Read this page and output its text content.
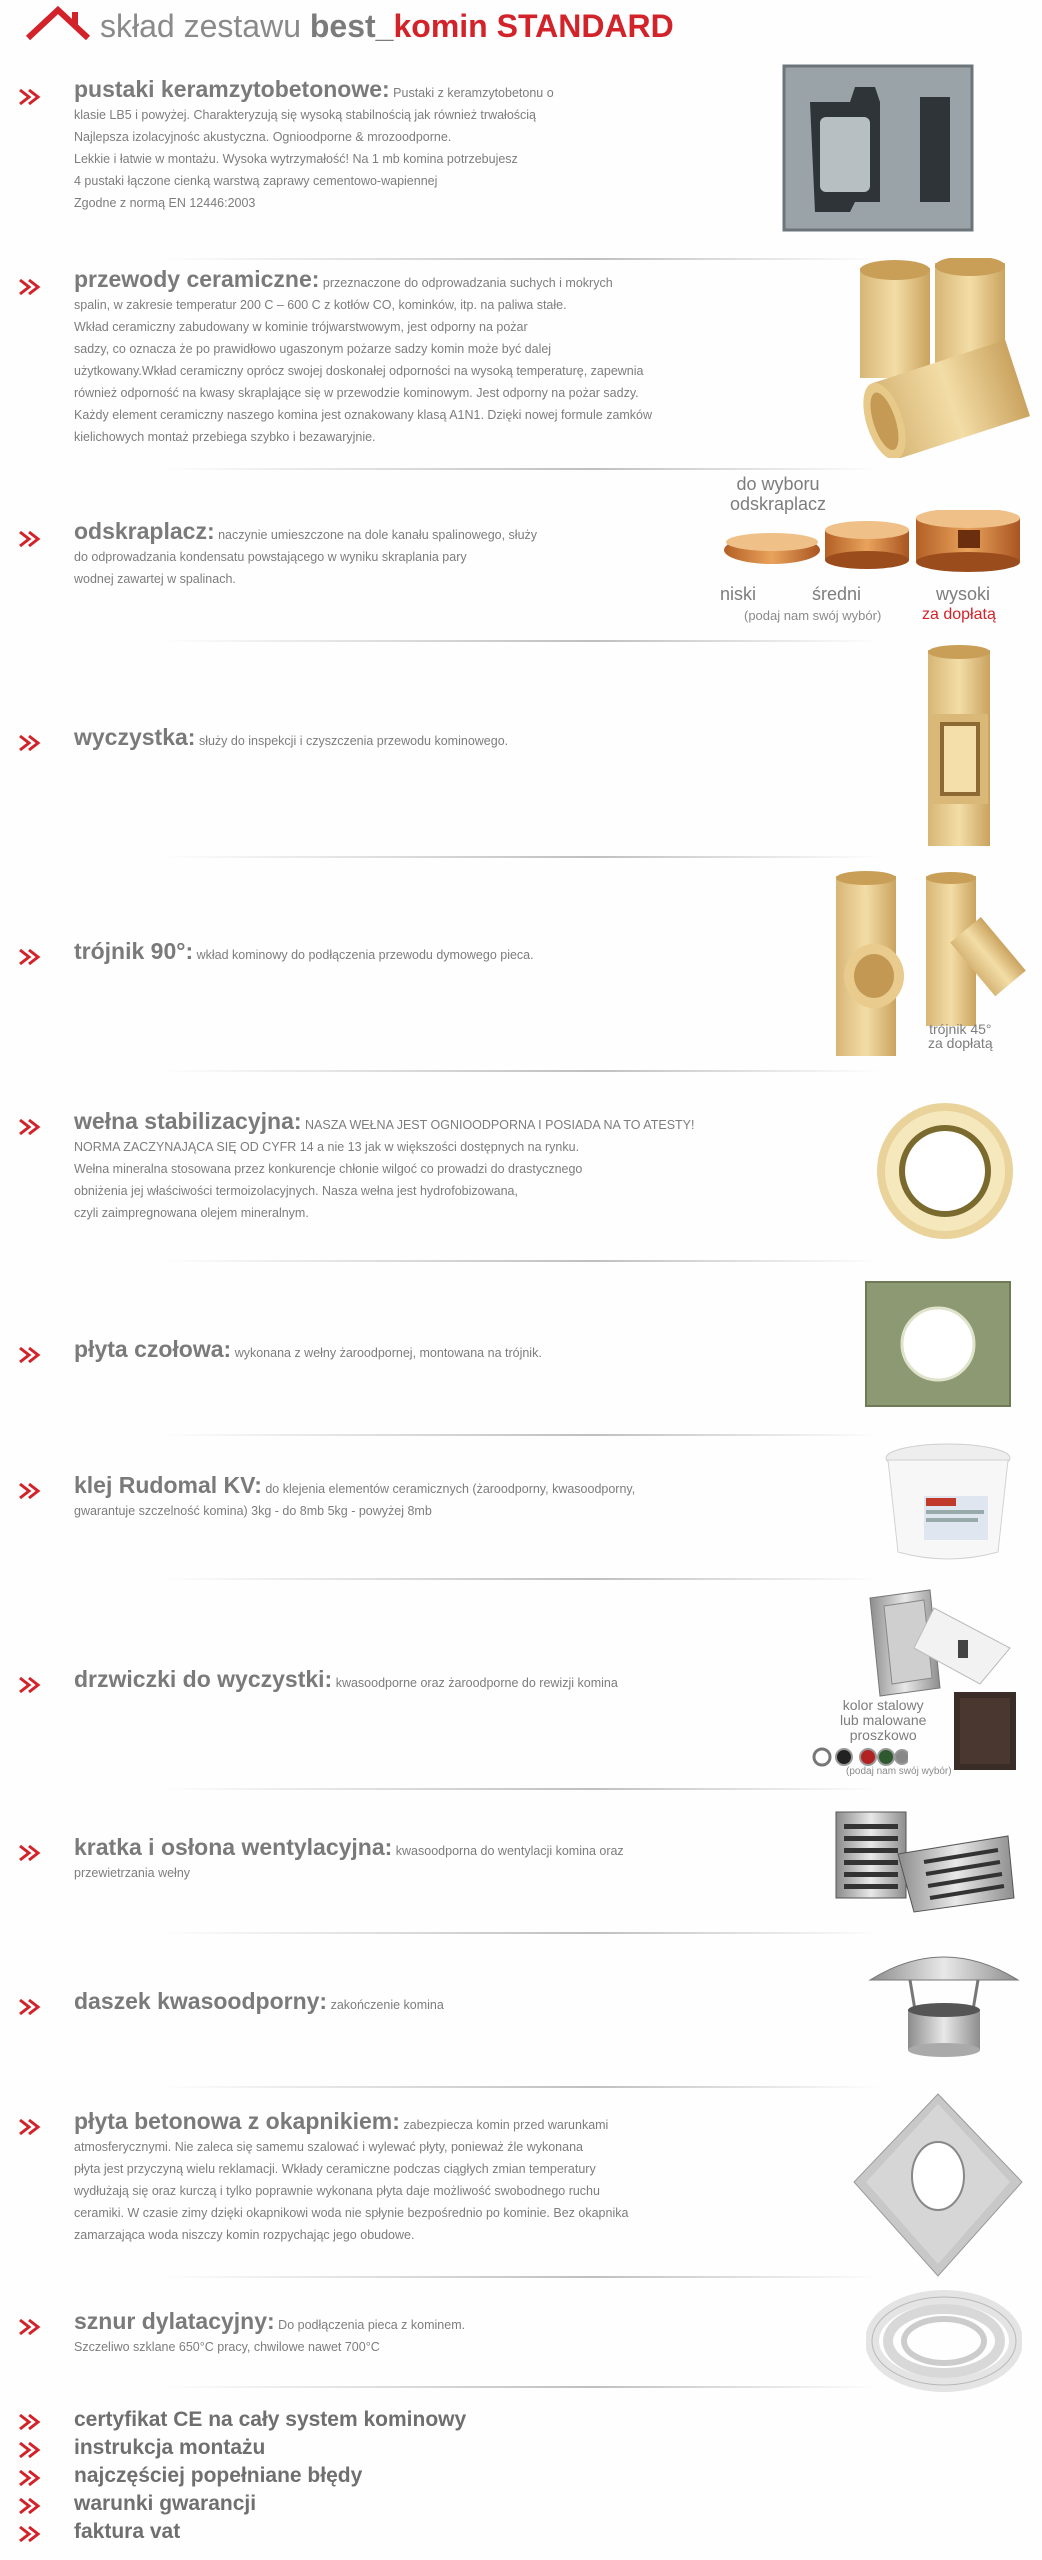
skład zestawu best_komin STANDARD
pustaki keramzytobetonowe: Pustaki z keramzytobetonu o
klasie LB5 i powyżej. Charakteryzują się wysoką stabilnością jak również trwałością
Najlepsza izolacyjnośc akustyczna. Ognioodporne & mrozoodporne.
Lekkie i łatwie w montażu. Wysoka wytrzymałość! Na 1 mb komina potrzebujesz
4 pustaki łączone cienką warstwą zaprawy cementowo-wapiennej
Zgodne z normą EN 12446:2003
przewody ceramiczne: przeznaczone do odprowadzania suchych i mokrych
spalin, w zakresie temperatur 200 C – 600 C z kotłów CO, kominków, itp. na paliwa stałe.
Wkład ceramiczny zabudowany w kominie trójwarstwowym, jest odporny na pożar
sadzy, co oznacza że po prawidłowo ugaszonym pożarze sadzy komin może być dalej
użytkowany.Wkład ceramiczny oprócz swojej doskonałej odporności na wysoką temperaturę, zapewnia
również odporność na kwasy skraplające się w przewodzie kominowym. Jest odporny na pożar sadzy.
Każdy element ceramiczny naszego komina jest oznakowany klasą A1N1. Dzięki nowej formule zamków
kielichowych montaż przebiega szybko i bezawaryjnie.
odskraplacz: naczynie umieszczone na dole kanału spalinowego, służy
do odprowadzania kondensatu powstającego w wyniku skraplania pary
wodnej zawartej w spalinach.
do wyboru
odskraplacz
niski	średni	wysoki
(podaj nam swój wybór)	za dopłatą
wyczystka: służy do inspekcji i czyszczenia przewodu kominowego.
trójnik 90°: wkład kominowy do podłączenia przewodu dymowego pieca.
trójnik 45°
za dopłatą
wełna stabilizacyjna: NASZA WEŁNA JEST OGNIOODPORNA I POSIADA NA TO ATESTY!
NORMA ZACZYNAJĄCA SIĘ OD CYFR 14 a nie 13 jak w większości dostępnych na rynku.
Wełna mineralna stosowana przez konkurencje chłonie wilgoć co prowadzi do drastycznego
obniżenia jej właściwości termoizolacyjnych. Nasza wełna jest hydrofobizowana,
czyli zaimpregnowana olejem mineralnym.
płyta czołowa: wykonana z wełny żaroodpornej, montowana na trójnik.
klej Rudomal KV: do klejenia elementów ceramicznych (żaroodporny, kwasoodporny,
gwarantuje szczelność komina) 3kg - do 8mb 5kg - powyżej 8mb
drzwiczki do wyczystki: kwasoodporne oraz żaroodporne do rewizji komina
kolor stalowy
lub malowane
proszkowo
(podaj nam swój wybór)
kratka i osłona wentylacyjna: kwasoodporna do wentylacji komina oraz
przewietrzania wełny
daszek kwasoodporny: zakończenie komina
płyta betonowa z okapnikiem: zabezpiecza komin przed warunkami
atmosferycznymi. Nie zaleca się samemu szalować i wylewać płyty, ponieważ źle wykonana
płyta jest przyczyną wielu reklamacji. Wkłady ceramiczne podczas ciągłych zmian temperatury
wydłużają się oraz kurczą i tylko poprawnie wykonana płyta daje możliwość swobodnego ruchu
ceramiki. W czasie zimy dzięki okapnikowi woda nie spłynie bezpośrednio po kominie. Bez okapnika
zamarzająca woda niszczy komin rozpychając jego obudowe.
sznur dylatacyjny: Do podłączenia pieca z kominem.
Szczeliwo szklane 650°C pracy, chwilowe nawet 700°C
certyfikat CE na cały system kominowy
instrukcja montażu
najczęściej popełniane błędy
warunki gwarancji
faktura vat
